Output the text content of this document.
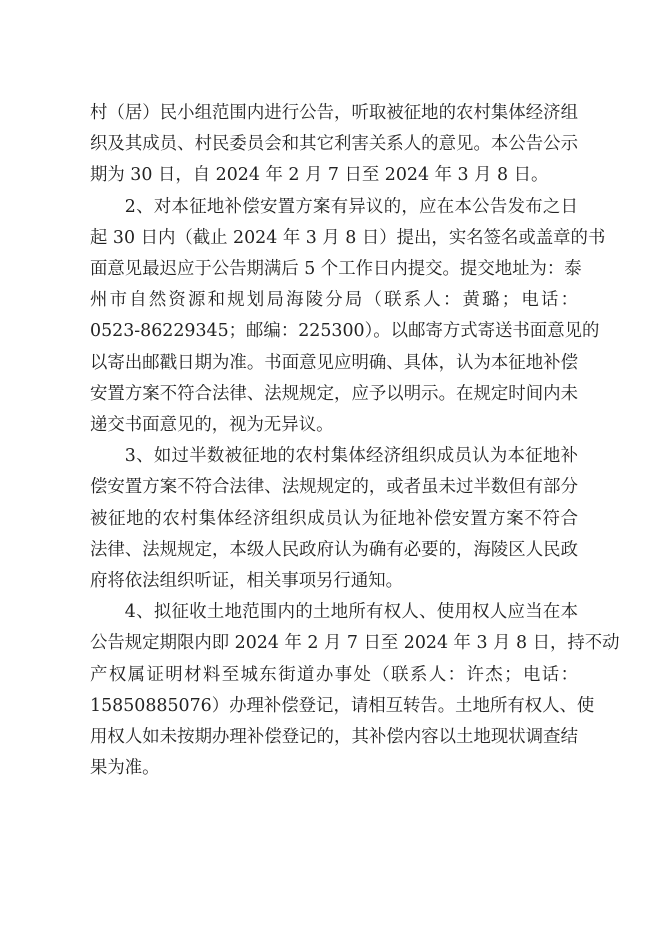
村（居）民小组范围内进行公告，听取被征地的农村集体经济组
织及其成员、村民委员会和其它利害关系人的意见。本公告公示
期为 30 日，自 2024 年 2 月 7 日至 2024 年 3 月 8 日。
2、对本征地补偿安置方案有异议的，应在本公告发布之日
起 30 日内（截止 2024 年 3 月 8 日）提出，实名签名或盖章的书
面意见最迟应于公告期满后 5 个工作日内提交。提交地址为：泰
州市自然资源和规划局海陵分局（联系人：黄璐；电话：
0523-86229345；邮编：225300）。以邮寄方式寄送书面意见的
以寄出邮戳日期为准。书面意见应明确、具体，认为本征地补偿
安置方案不符合法律、法规规定，应予以明示。在规定时间内未
递交书面意见的，视为无异议。
3、如过半数被征地的农村集体经济组织成员认为本征地补
偿安置方案不符合法律、法规规定的，或者虽未过半数但有部分
被征地的农村集体经济组织成员认为征地补偿安置方案不符合
法律、法规规定，本级人民政府认为确有必要的，海陵区人民政
府将依法组织听证，相关事项另行通知。
4、拟征收土地范围内的土地所有权人、使用权人应当在本
公告规定期限内即 2024 年 2 月 7 日至 2024 年 3 月 8 日，持不动
产权属证明材料至城东街道办事处（联系人：许杰；电话：
15850885076）办理补偿登记，请相互转告。土地所有权人、使
用权人如未按期办理补偿登记的，其补偿内容以土地现状调查结
果为准。
